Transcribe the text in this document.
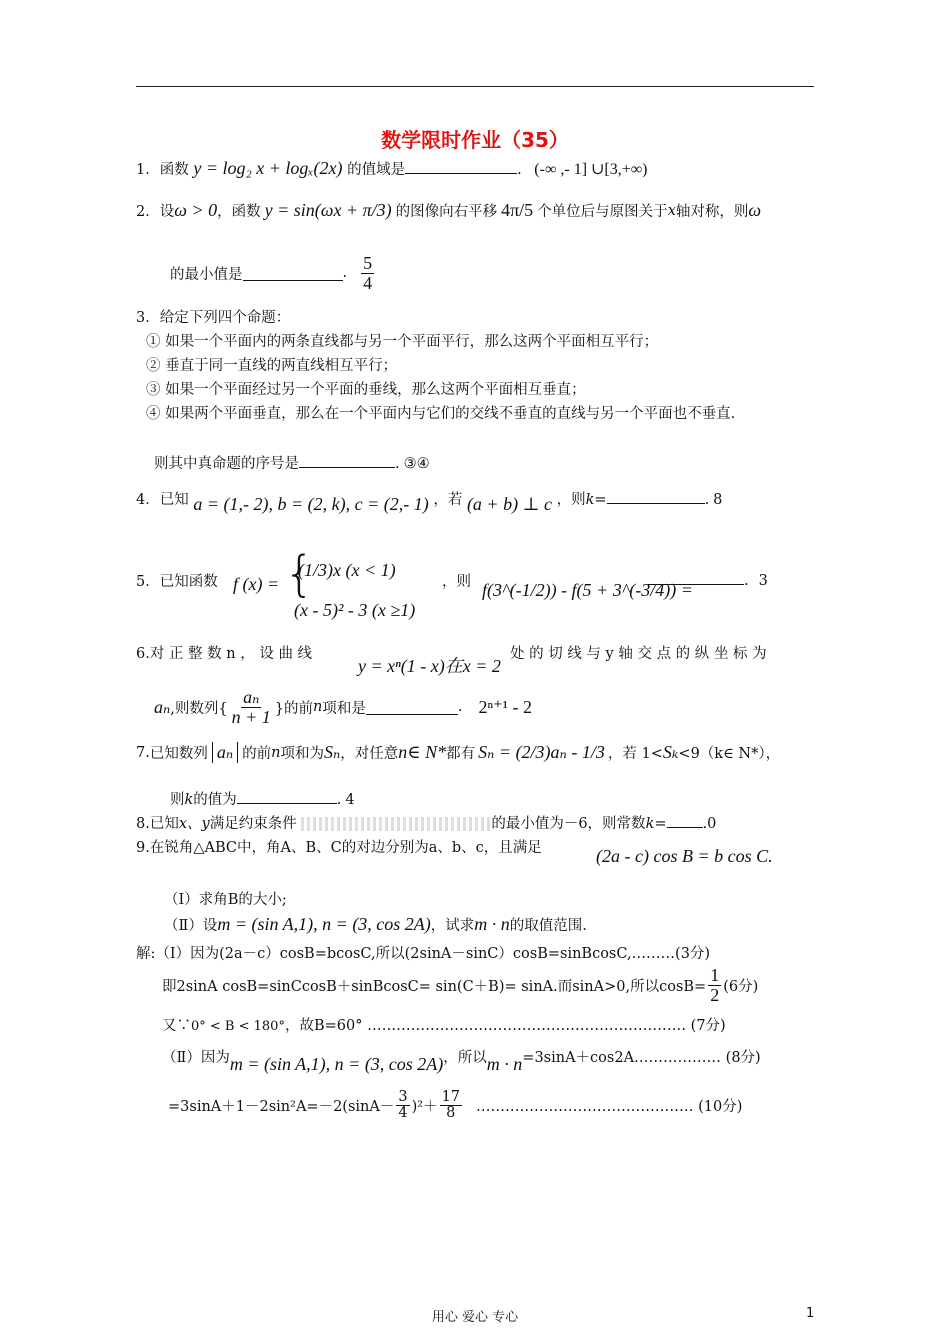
数学限时作业（35）
1．函数 y = log₂ x + logₓ(2x) 的值域是	. (-∞ ,- 1] ∪[3,+∞)
2． 设 ω > 0 ，函数 y = sin(ωx + π/3) 的图像向右平移 4π/5 个单位后与原图关于 x 轴对称，则 ω
的最小值是	. $\frac{5}{4}$
3．给定下列四个命题：
① 如果一个平面内的两条直线都与另一个平面平行，那么这两个平面相互平行；
② 垂直于同一直线的两直线相互平行；
③ 如果一个平面经过另一个平面的垂线，那么这两个平面相互垂直；
④ 如果两个平面垂直，那么在一个平面内与它们的交线不垂直的直线与另一个平面也不垂直.
则其中真命题的序号是	. ③④
4．已知 a = (1,- 2), b = (2, k), c = (2,- 1) ，若 (a + b) ⊥ c ，则k=	. 8
5．已知函数 f (x) = {
(1/3)x (x < 1)
(x - 5)² - 3 (x ≥1)
，则 f(3^(-1/2)) - f(5 + 3^(-3/4)) =	. 3
6.对 正 整 数 n ， 设 曲 线
y = xⁿ(1 - x)在x = 2
处 的 切 线 与 y 轴 交 点 的 纵 坐 标 为
aₙ ,则数列{ $\frac{\text{aₙ}}{n + 1}$ }的前 n 项和是	. 2ⁿ⁺¹ - 2
7. 已知数列 aₙ 的前 n 项和为 Sₙ ，对任意 n∈ N* 都有 Sₙ = (2/3)aₙ - 1/3 ，若 1< Sₖ <9（k∈ N*），
则k的值为	. 4
8.已知x、y满足约束条件	的最小值为－6，则常数k= .0
9.在锐角△ABC中，角A、B、C的对边分别为a、b、c，且满足	(2a - c) cos B = b cos C.
（Ⅰ）求角B的大小;
（Ⅱ）设m = (sin A,1), n = (3, cos 2A)，试求m · n的取值范围.
解:（Ⅰ）因为(2a－c）cosB=bcosC,所以(2sinA－sinC）cosB=sinBcosC,………(3分)
即2sinA cosB=sinCcosB＋sinBcosC= sin(C＋B)= sinA.而sinA>0,所以$\cos B= \frac{1}{2} (6$分)
又∵0° < B < 180°，故B=60° ………………………………………………………… (7分)
（Ⅱ）因为m = (sin A,1), n = (3, cos 2A)，所以m · n=3sinA＋cos2A……………… (8分)
$=3\sin A+1-2\sin^2A=-2(\sin A- \frac{3}{4} )^2+ \frac{17}{8}$ ……………………………………… (10分)
用心 爱心 专心	1
